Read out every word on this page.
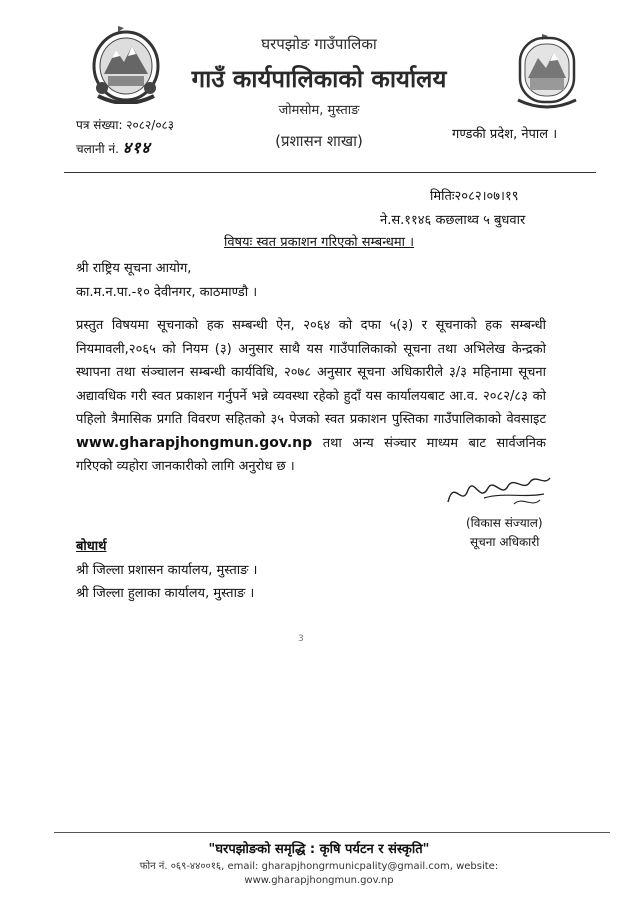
घरपझोङ गाउँपालिका
गाउँ कार्यपालिकाको कार्यालय
जोमसोम, मुस्ताङ
(प्रशासन शाखा)
पत्र संख्या: २०८२/०८३
चलानी नं. ४१४
गण्डकी प्रदेश, नेपाल ।
मितिः२०८२।०७।१९
ने.स.११४६ कछलाथ्व ५ बुधवार
विषयः स्वत प्रकाशन गरिएको सम्बन्धमा ।
श्री राष्ट्रिय सूचना आयोग,
का.म.न.पा.-१० देवीनगर, काठमाण्डौ ।
प्रस्तुत विषयमा सूचनाको हक सम्बन्धी ऐन, २०६४ को दफा ५(३) र सूचनाको हक सम्बन्धी नियमावली,२०६५ को नियम (३) अनुसार साथै यस गाउँपालिकाको सूचना तथा अभिलेख केन्द्रको स्थापना तथा संञ्चालन सम्बन्धी कार्यविधि, २०७८ अनुसार सूचना अधिकारीले ३/३ महिनामा सूचना अद्यावधिक गरी स्वत प्रकाशन गर्नुपर्ने भन्ने व्यवस्था रहेको हुदाँ यस कार्यालयबाट आ.व. २०८२/८३ को पहिलो त्रैमासिक प्रगति विवरण सहितको ३५ पेजको स्वत प्रकाशन पुस्तिका गाउँपालिकाको वेवसाइट www.gharapjhongmun.gov.np तथा अन्य संञ्चार माध्यम बाट सार्वजनिक गरिएको व्यहोरा जानकारीको लागि अनुरोध छ ।
(विकास संज्याल)
सूचना अधिकारी
बोधार्थ
श्री जिल्ला प्रशासन कार्यालय, मुस्ताङ ।
श्री जिल्ला हुलाका कार्यालय, मुस्ताङ ।
3
"घरपझोङको समृद्धि : कृषि पर्यटन र संस्कृति"
फोन नं. ०६९-४४००१६, email: gharapjhongrmunicpality@gmail.com, website:
www.gharapjhongmun.gov.np
